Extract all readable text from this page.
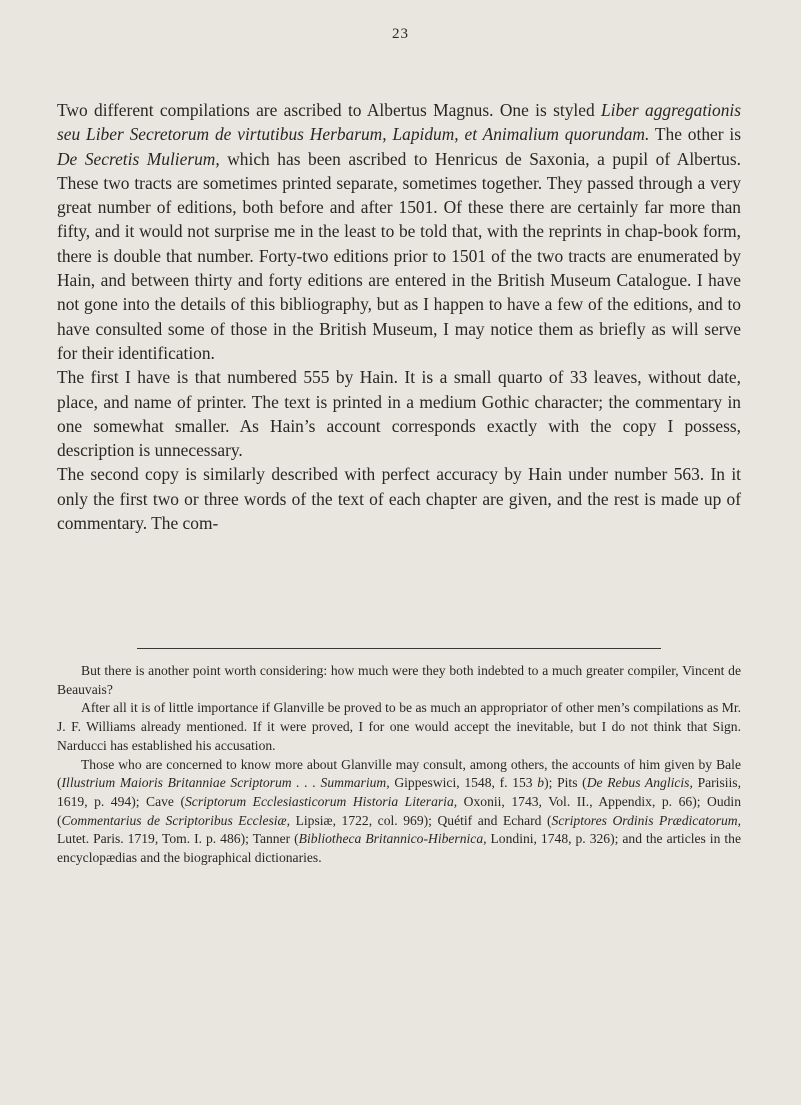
23

Two different compilations are ascribed to Albertus Magnus. One is styled Liber aggregationis seu Liber Secretorum de virtutibus Herbarum, Lapidum, et Animalium quorundam. The other is De Secretis Mulierum, which has been ascribed to Henricus de Saxonia, a pupil of Albertus. These two tracts are sometimes printed separate, sometimes together. They passed through a very great number of editions, both before and after 1501. Of these there are certainly far more than fifty, and it would not surprise me in the least to be told that, with the reprints in chap-book form, there is double that number. Forty-two editions prior to 1501 of the two tracts are enumerated by Hain, and between thirty and forty editions are entered in the British Museum Catalogue. I have not gone into the details of this bibliography, but as I happen to have a few of the editions, and to have consulted some of those in the British Museum, I may notice them as briefly as will serve for their identification.

The first I have is that numbered 555 by Hain. It is a small quarto of 33 leaves, without date, place, and name of printer. The text is printed in a medium Gothic character; the commentary in one somewhat smaller. As Hain’s account corresponds exactly with the copy I possess, description is unnecessary.

The second copy is similarly described with perfect accuracy by Hain under number 563. In it only the first two or three words of the text of each chapter are given, and the rest is made up of commentary. The com-

But there is another point worth considering: how much were they both indebted to a much greater compiler, Vincent de Beauvais?

After all it is of little importance if Glanville be proved to be as much an appropriator of other men’s compilations as Mr. J. F. Williams already mentioned. If it were proved, I for one would accept the inevitable, but I do not think that Sign. Narducci has established his accusation.

Those who are concerned to know more about Glanville may consult, among others, the accounts of him given by Bale (Illustrium Maioris Britanniae Scriptorum . . . Summarium, Gippeswici, 1548, f. 153 b); Pits (De Rebus Anglicis, Parisiis, 1619, p. 494); Cave (Scriptorum Ecclesiasticorum Historia Literaria, Oxonii, 1743, Vol. II., Appendix, p. 66); Oudin (Commentarius de Scriptoribus Ecclesiæ, Lipsiæ, 1722, col. 969); Quétif and Echard (Scriptores Ordinis Prædicatorum, Lutet. Paris. 1719, Tom. I. p. 486); Tanner (Bibliotheca Britannico-Hibernica, Londini, 1748, p. 326); and the articles in the encyclopædias and the biographical dictionaries.
